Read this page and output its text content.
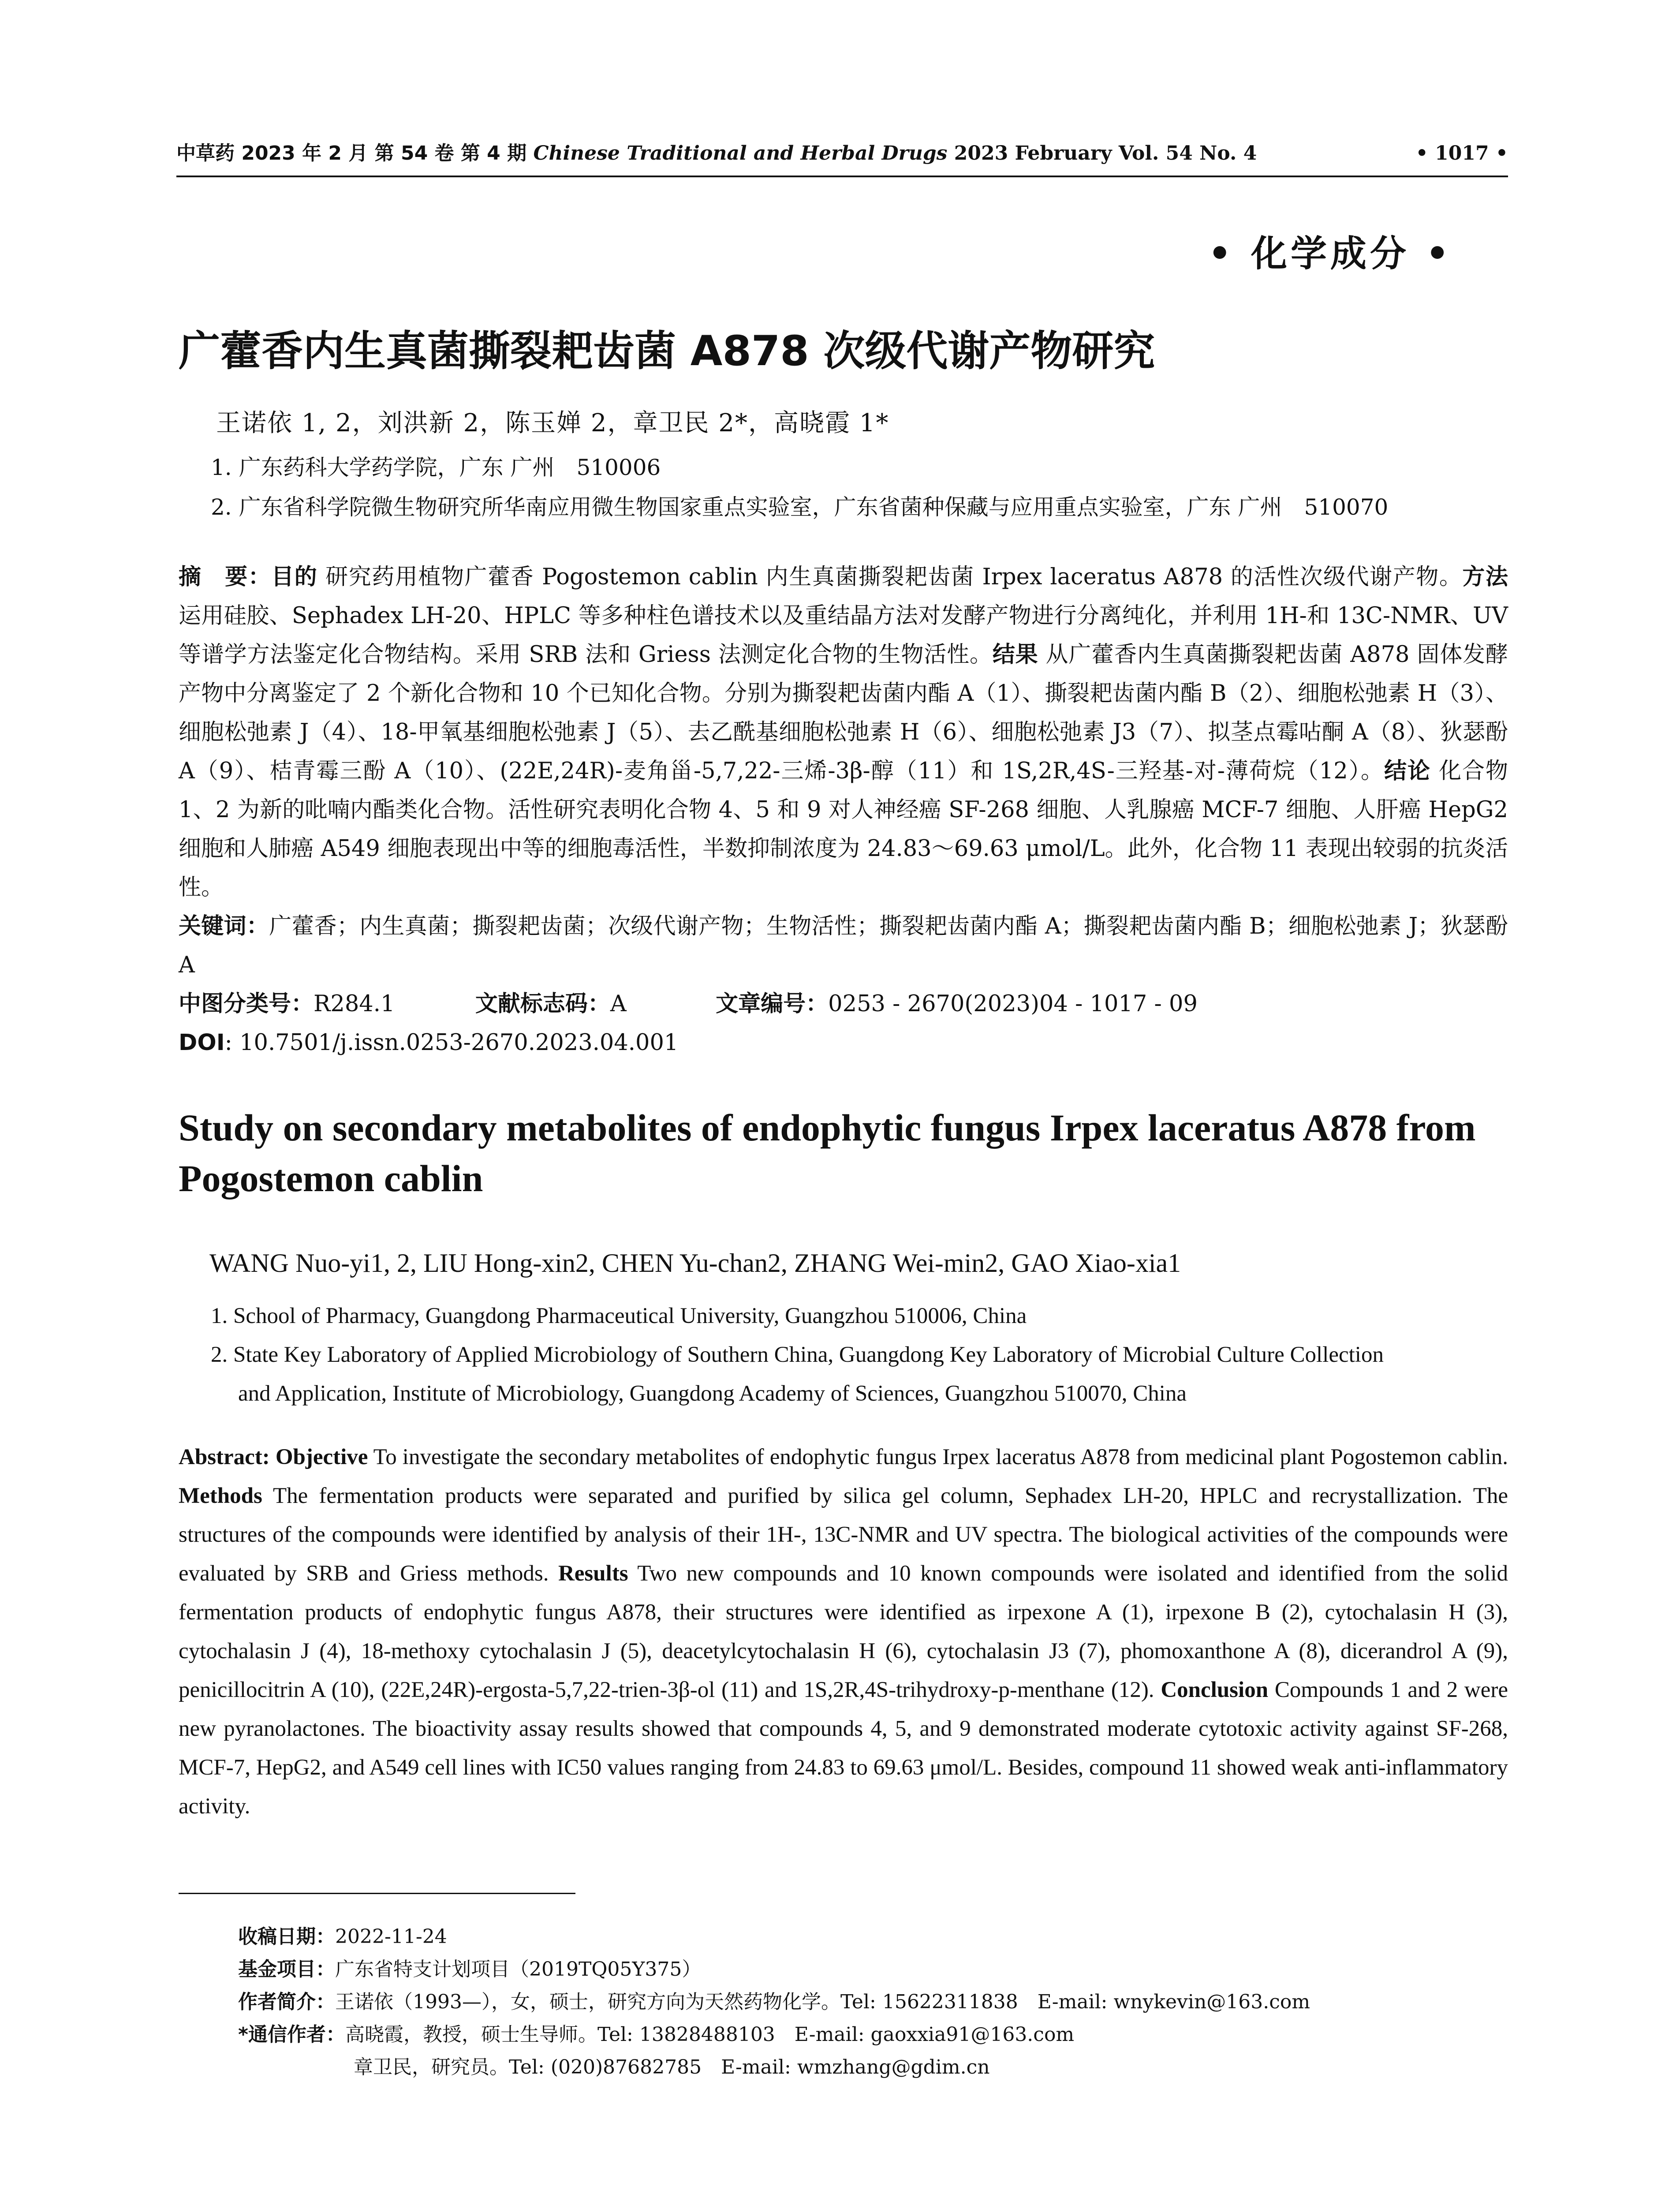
中草药 2023 年 2 月 第 54 卷 第 4 期 Chinese Traditional and Herbal Drugs 2023 February Vol. 54 No. 4	• 1017 •
• 化学成分 •
广藿香内生真菌撕裂耙齿菌 A878 次级代谢产物研究
王诺依 1, 2，刘洪新 2，陈玉婵 2，章卫民 2*，高晓霞 1*
1. 广东药科大学药学院，广东 广州　510006
2. 广东省科学院微生物研究所华南应用微生物国家重点实验室，广东省菌种保藏与应用重点实验室，广东 广州　510070
摘　要：目的 研究药用植物广藿香 Pogostemon cablin 内生真菌撕裂耙齿菌 Irpex laceratus A878 的活性次级代谢产物。方法 运用硅胶、Sephadex LH-20、HPLC 等多种柱色谱技术以及重结晶方法对发酵产物进行分离纯化，并利用 1H-和 13C-NMR、UV 等谱学方法鉴定化合物结构。采用 SRB 法和 Griess 法测定化合物的生物活性。结果 从广藿香内生真菌撕裂耙齿菌 A878 固体发酵产物中分离鉴定了 2 个新化合物和 10 个已知化合物。分别为撕裂耙齿菌内酯 A（1）、撕裂耙齿菌内酯 B（2）、细胞松弛素 H（3）、细胞松弛素 J（4）、18-甲氧基细胞松弛素 J（5）、去乙酰基细胞松弛素 H（6）、细胞松弛素 J3（7）、拟茎点霉呫酮 A（8）、狄瑟酚 A（9）、桔青霉三酚 A（10）、(22E,24R)-麦角甾-5,7,22-三烯-3β-醇（11）和 1S,2R,4S-三羟基-对-薄荷烷（12）。结论 化合物 1、2 为新的吡喃内酯类化合物。活性研究表明化合物 4、5 和 9 对人神经癌 SF-268 细胞、人乳腺癌 MCF-7 细胞、人肝癌 HepG2 细胞和人肺癌 A549 细胞表现出中等的细胞毒活性，半数抑制浓度为 24.83～69.63 μmol/L。此外，化合物 11 表现出较弱的抗炎活性。
关键词：广藿香；内生真菌；撕裂耙齿菌；次级代谢产物；生物活性；撕裂耙齿菌内酯 A；撕裂耙齿菌内酯 B；细胞松弛素 J；狄瑟酚 A
中图分类号：R284.1	文献标志码：A	文章编号：0253 - 2670(2023)04 - 1017 - 09
DOI: 10.7501/j.issn.0253-2670.2023.04.001
Study on secondary metabolites of endophytic fungus Irpex laceratus A878 from Pogostemon cablin
WANG Nuo-yi1, 2, LIU Hong-xin2, CHEN Yu-chan2, ZHANG Wei-min2, GAO Xiao-xia1
1. School of Pharmacy, Guangdong Pharmaceutical University, Guangzhou 510006, China
2. State Key Laboratory of Applied Microbiology of Southern China, Guangdong Key Laboratory of Microbial Culture Collection
and Application, Institute of Microbiology, Guangdong Academy of Sciences, Guangzhou 510070, China
Abstract: Objective To investigate the secondary metabolites of endophytic fungus Irpex laceratus A878 from medicinal plant Pogostemon cablin. Methods The fermentation products were separated and purified by silica gel column, Sephadex LH-20, HPLC and recrystallization. The structures of the compounds were identified by analysis of their 1H-, 13C-NMR and UV spectra. The biological activities of the compounds were evaluated by SRB and Griess methods. Results Two new compounds and 10 known compounds were isolated and identified from the solid fermentation products of endophytic fungus A878, their structures were identified as irpexone A (1), irpexone B (2), cytochalasin H (3), cytochalasin J (4), 18-methoxy cytochalasin J (5), deacetylcytochalasin H (6), cytochalasin J3 (7), phomoxanthone A (8), dicerandrol A (9), penicillocitrin A (10), (22E,24R)-ergosta-5,7,22-trien-3β-ol (11) and 1S,2R,4S-trihydroxy-p-menthane (12). Conclusion Compounds 1 and 2 were new pyranolactones. The bioactivity assay results showed that compounds 4, 5, and 9 demonstrated moderate cytotoxic activity against SF-268, MCF-7, HepG2, and A549 cell lines with IC50 values ranging from 24.83 to 69.63 μmol/L. Besides, compound 11 showed weak anti-inflammatory activity.
收稿日期：2022-11-24
基金项目：广东省特支计划项目（2019TQ05Y375）
作者简介：王诺依（1993—），女，硕士，研究方向为天然药物化学。Tel: 15622311838　E-mail: wnykevin@163.com
*通信作者：高晓霞，教授，硕士生导师。Tel: 13828488103　E-mail: gaoxxia91@163.com
章卫民，研究员。Tel: (020)87682785　E-mail: wmzhang@gdim.cn
